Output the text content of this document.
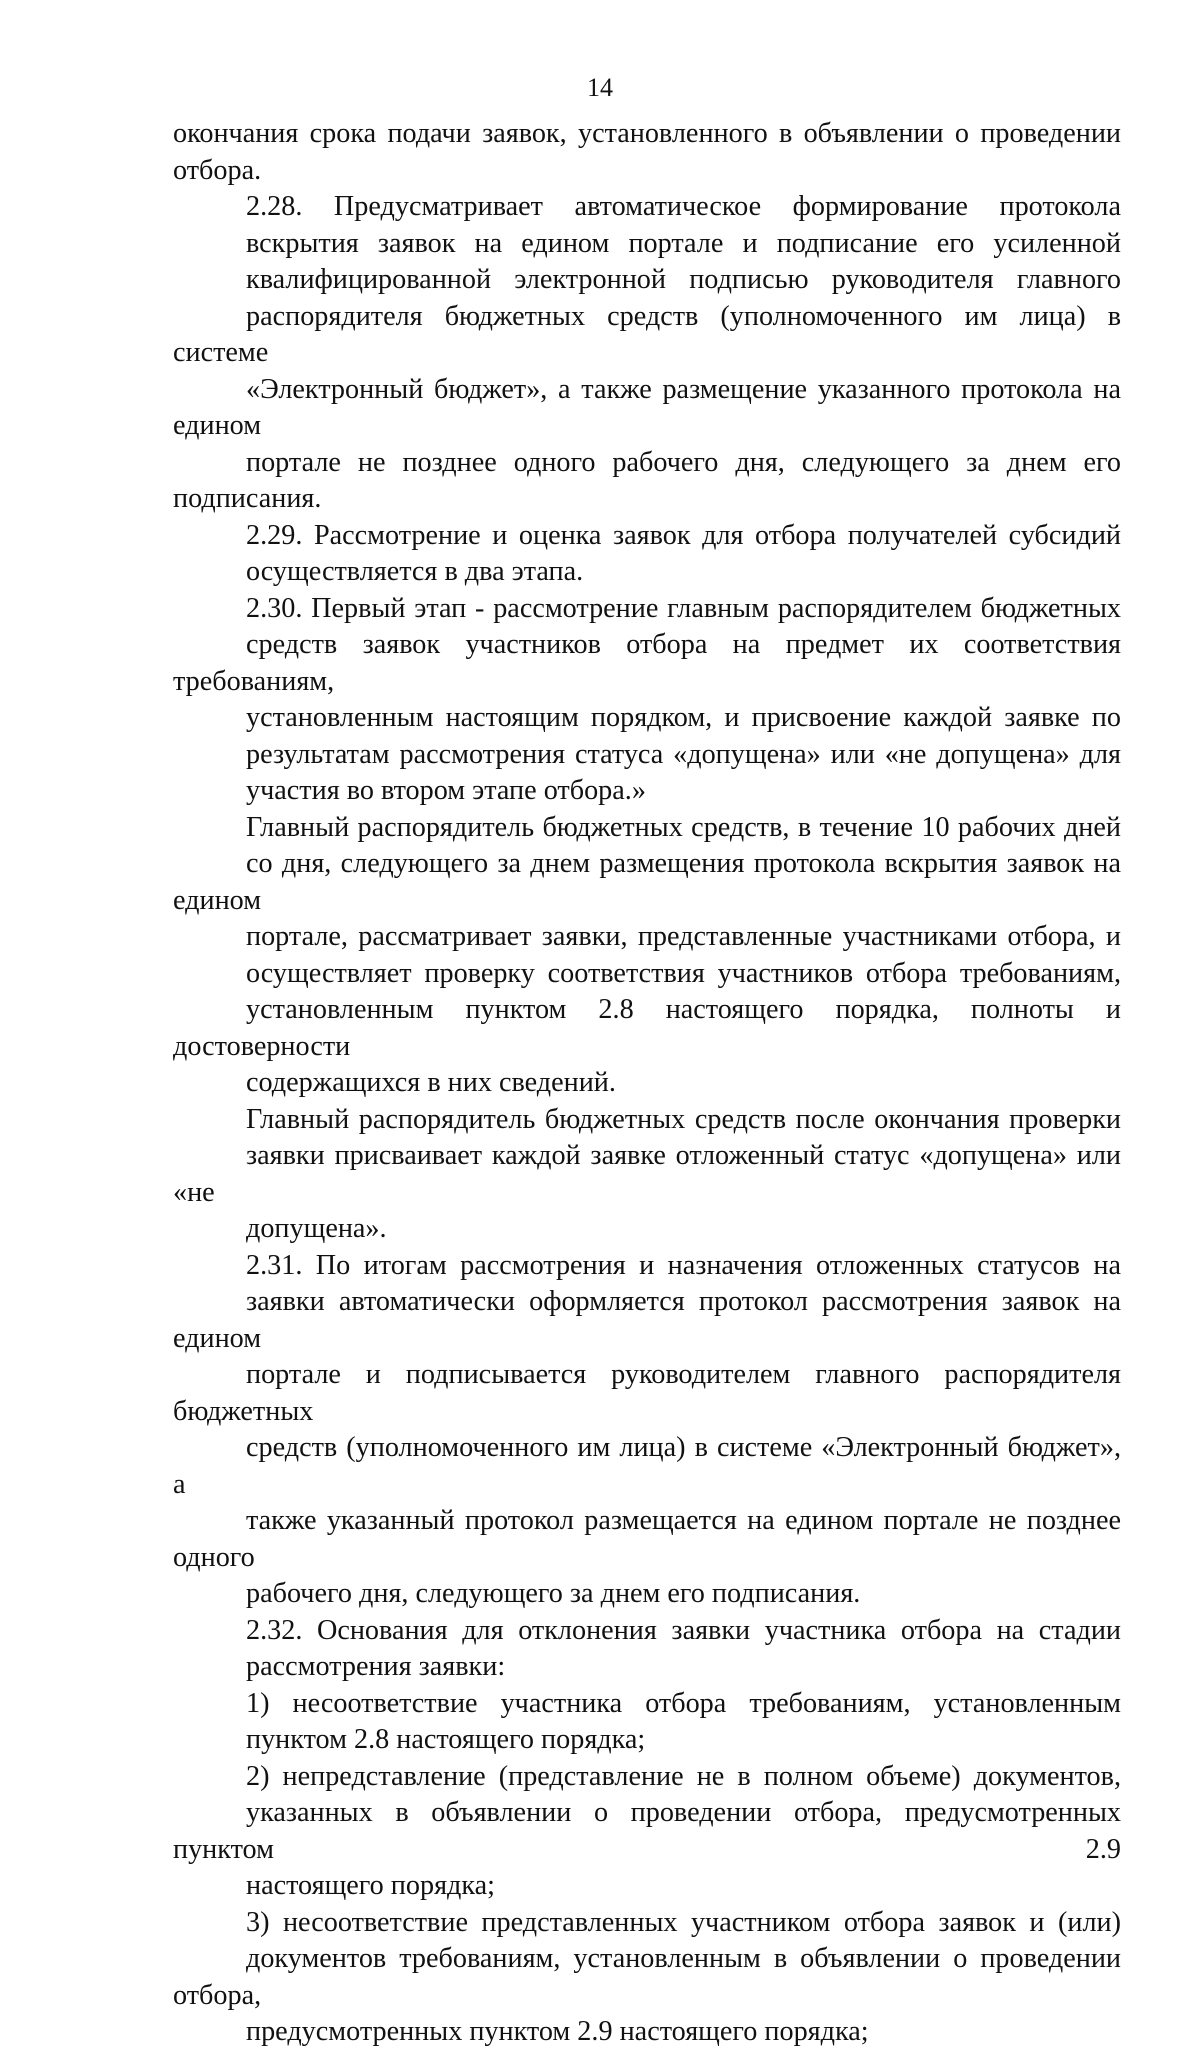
14

окончания срока подачи заявок, установленного в объявлении о проведении
отбора.

2.28. Предусматривает автоматическое формирование протокола
вскрытия заявок на едином портале и подписание его усиленной
квалифицированной электронной подписью руководителя главного
распорядителя бюджетных средств (уполномоченного им лица) в системе
«Электронный бюджет», а также размещение указанного протокола на едином
портале не позднее одного рабочего дня, следующего за днем его подписания.

2.29. Рассмотрение и оценка заявок для отбора получателей субсидий
осуществляется в два этапа.

2.30. Первый этап - рассмотрение главным распорядителем бюджетных
средств заявок участников отбора на предмет их соответствия требованиям,
установленным настоящим порядком, и присвоение каждой заявке по
результатам рассмотрения статуса «допущена» или «не допущена» для
участия во втором этапе отбора.»

Главный распорядитель бюджетных средств, в течение 10 рабочих дней
со дня, следующего за днем размещения протокола вскрытия заявок на едином
портале, рассматривает заявки, представленные участниками отбора, и
осуществляет проверку соответствия участников отбора требованиям,
установленным пунктом 2.8 настоящего порядка, полноты и достоверности
содержащихся в них сведений.

Главный распорядитель бюджетных средств после окончания проверки
заявки присваивает каждой заявке отложенный статус «допущена» или «не
допущена».

2.31. По итогам рассмотрения и назначения отложенных статусов на
заявки автоматически оформляется протокол рассмотрения заявок на едином
портале и подписывается руководителем главного распорядителя бюджетных
средств (уполномоченного им лица) в системе «Электронный бюджет», а
также указанный протокол размещается на едином портале не позднее одного
рабочего дня, следующего за днем его подписания.

2.32. Основания для отклонения заявки участника отбора на стадии
рассмотрения заявки:

1) несоответствие участника отбора требованиям, установленным
пунктом 2.8 настоящего порядка;

2) непредставление (представление не в полном объеме) документов,
указанных в объявлении о проведении отбора, предусмотренных пунктом 2.9
настоящего порядка;

3) несоответствие представленных участником отбора заявок и (или)
документов требованиям, установленным в объявлении о проведении отбора,
предусмотренных пунктом 2.9 настоящего порядка;
